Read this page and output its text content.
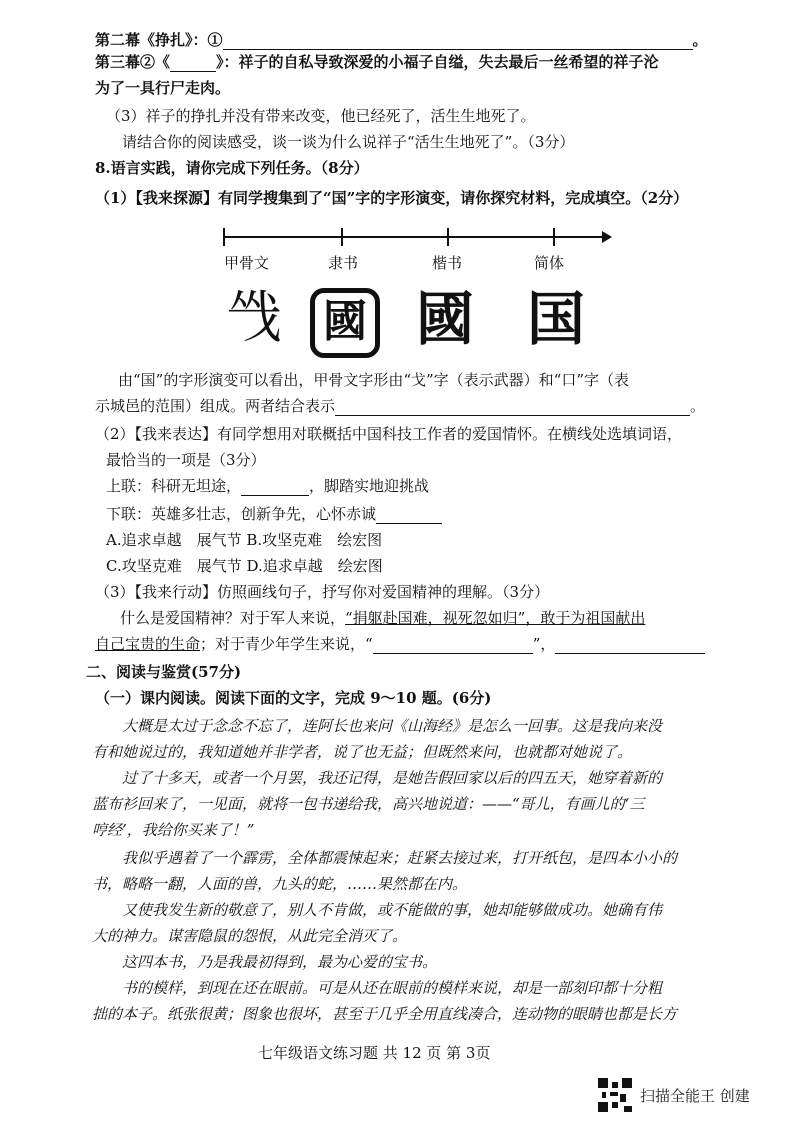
第二幕《挣扎》：①	。
第三幕②《	》：祥子的自私导致深爱的小福子自缢，失去最后一丝希望的祥子沦
为了一具行尸走肉。
（3）祥子的挣扎并没有带来改变，他已经死了，活生生地死了。
请结合你的阅读感受，谈一谈为什么说祥子“活生生地死了”。（3分）
8.语言实践，请你完成下列任务。（8分）
（1）【我来探源】有同学搜集到了“国”字的字形演变，请你探究材料，完成填空。（2分）
甲骨文	隶书	楷书	简体
㦰 國 國 国
由“国”的字形演变可以看出，甲骨文字形由“戈”字（表示武器）和“口”字（表
示城邑的范围）组成。两者结合表示	。
（2）【我来表达】有同学想用对联概括中国科技工作者的爱国情怀。在横线处选填词语，
最恰当的一项是（3分）
上联：科研无坦途，	，脚踏实地迎挑战
下联：英雄多壮志，创新争先，心怀赤诚
A.追求卓越　展气节 B.攻坚克难　绘宏图
C.攻坚克难　展气节 D.追求卓越　绘宏图
（3）【我来行动】仿照画线句子，抒写你对爱国精神的理解。（3分）
什么是爱国精神？对于军人来说，“捐躯赴国难，视死忽如归”，敢于为祖国献出
自己宝贵的生命；对于青少年学生来说，“	”，
二、阅读与鉴赏(57分)
（一）课内阅读。阅读下面的文字，完成 9～10 题。(6分)
大概是太过于念念不忘了，连阿长也来问《山海经》是怎么一回事。这是我向来没
有和她说过的，我知道她并非学者，说了也无益；但既然来问，也就都对她说了。
过了十多天，或者一个月罢，我还记得，是她告假回家以后的四五天，她穿着新的
蓝布衫回来了，一见面，就将一包书递给我，高兴地说道：——“哥儿，有画儿的‘三
哼经’，我给你买来了！”
我似乎遇着了一个霹雳，全体都震悚起来；赶紧去接过来，打开纸包，是四本小小的
书，略略一翻，人面的兽，九头的蛇，……果然都在内。
又使我发生新的敬意了，别人不肯做，或不能做的事，她却能够做成功。她确有伟
大的神力。谋害隐鼠的怨恨，从此完全消灭了。
这四本书，乃是我最初得到，最为心爱的宝书。
书的模样，到现在还在眼前。可是从还在眼前的模样来说，却是一部刻印都十分粗
拙的本子。纸张很黄；图象也很坏，甚至于几乎全用直线凑合，连动物的眼睛也都是长方
七年级语文练习题 共 12 页 第 3页
扫描全能王 创建
